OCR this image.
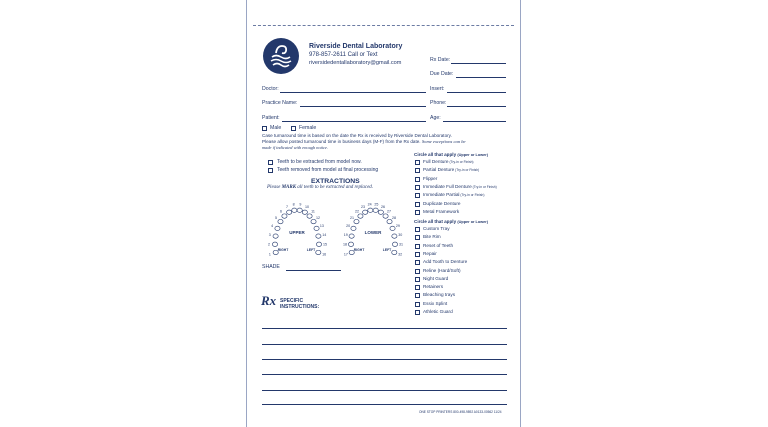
Riverside Dental Laboratory
978-857-2611 Call or Text
riversidedentallaboratory@gmail.com	Rx Date:
Due Date:
Doctor:	Insert:
Practice Name:	Phone:
Patient:	Age:
Male	Female
Case turnaround time is based on the date the Rx is received by Riverside Dental Laboratory.
Please allow posted turnaround time in business days (M-F) from the Rx date. Some exceptions can be
made if indicated with enough notice.
Teeth to be extracted from model now.
Teeth removed from model at final processing
EXTRACTIONS
Please MARK all teeth to be extracted and replaced.
1
2
3
4
5
6
7
8 9
10
11
12
13
14
15
16	17
18
19
20
21
22
23
24 25
26
27
28
29
30
31
32
UPPER	LOWER
RIGHT	LEFT	RIGHT	LEFT
SHADE
Rx SPECIFIC
INSTRUCTIONS:
Circle all that apply (Upper or Lower)
Full Denture (Try-in or Finish)
Partial Denture (Try-in or Finish)
Flipper
Immediate Full Denture (Try-in or Finish)
Immediate Partial (Try-in or Finish)
Duplicate Denture
Metal Framework
Circle all that apply (Upper or Lower)
Custom Tray
Bite Rim
Reset of Teeth
Repair
Add Tooth to Denture
Reline (Hard/Soft)
Night Guard
Retainers
Bleaching trays
Essix Splint
Athletic Guard
ONE STOP PRINTERS 800-498-9892 A0133-00562 11/24
